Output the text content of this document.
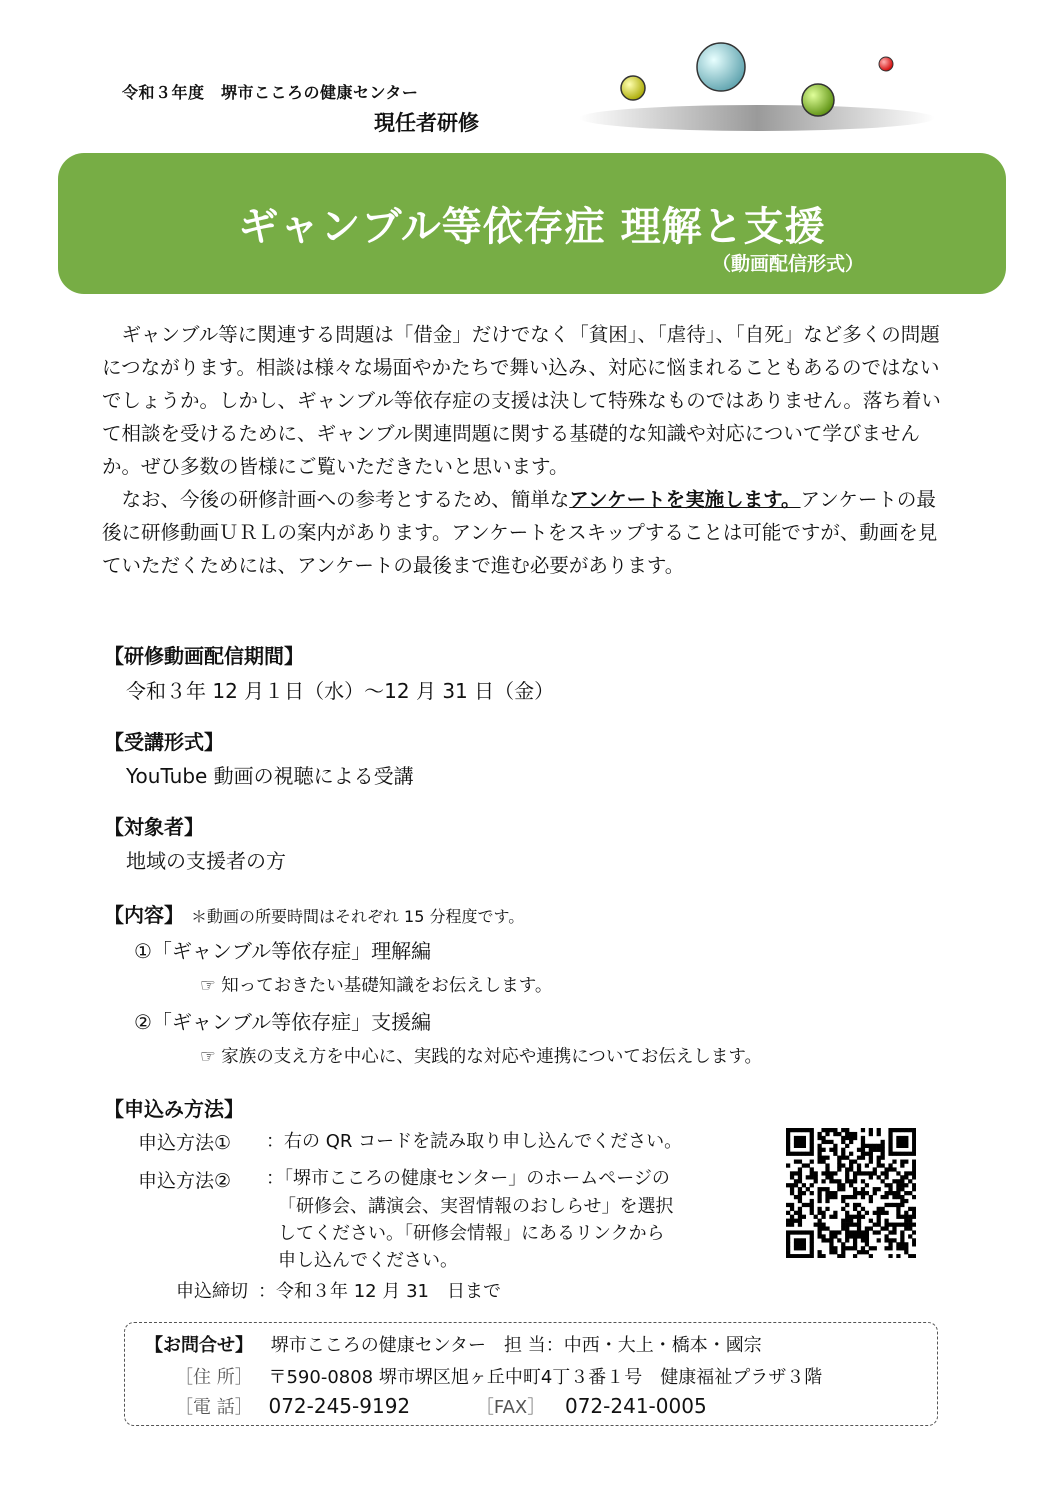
令和３年度　堺市こころの健康センター
現任者研修
ギャンブル等依存症 理解と支援
（動画配信形式）

ギャンブル等に関連する問題は「借金」だけでなく「貧困」、「虐待」、「自死」など多くの問題につながります。相談は様々な場面やかたちで舞い込み、対応に悩まれることもあるのではないでしょうか。しかし、ギャンブル等依存症の支援は決して特殊なものではありません。落ち着いて相談を受けるために、ギャンブル関連問題に関する基礎的な知識や対応について学びませんか。ぜひ多数の皆様にご覧いただきたいと思います。

なお、今後の研修計画への参考とするため、簡単なアンケートを実施します。アンケートの最後に研修動画ＵＲＬの案内があります。アンケートをスキップすることは可能ですが、動画を見ていただくためには、アンケートの最後まで進む必要があります。

【研修動画配信期間】
令和３年 12 月１日（水）～12 月 31 日（金）
【受講形式】
YouTube 動画の視聴による受講
【対象者】
地域の支援者の方
【内容】 ＊動画の所要時間はそれぞれ 15 分程度です。
①「ギャンブル等依存症」理解編
☞ 知っておきたい基礎知識をお伝えします。
②「ギャンブル等依存症」支援編
☞ 家族の支え方を中心に、実践的な対応や連携についてお伝えします。
【申込み方法】
申込方法① ：右の QR コードを読み取り申し込んでください。
申込方法② ：「堺市こころの健康センター」のホームページの
「研修会、講演会、実習情報のおしらせ」を選択
してください。「研修会情報」にあるリンクから
申し込んでください。
申込締切 ：令和３年 12 月 31　日まで
【お問合せ】 堺市こころの健康センター　担 当：中西・大上・橋本・國宗
［住 所］ 〒590-0808 堺市堺区旭ヶ丘中町4丁３番１号　健康福祉プラザ３階
［電 話］ 072-245-9192	［FAX］ 072-241-0005
